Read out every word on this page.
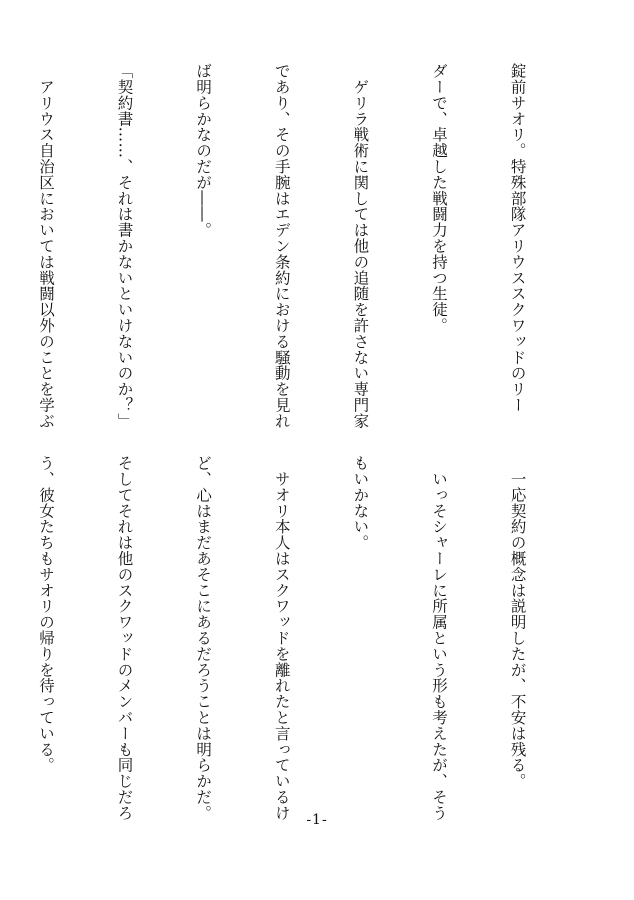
錠前サオリ。特殊部隊アリウススクワッドのリー

ダーで、卓越した戦闘力を持つ生徒。

　ゲリラ戦術に関しては他の追随を許さない専門家

であり、その手腕はエデン条約における騒動を見れ

ば明らかなのだが――。

「契約書……、それは書かないといけないのか？」

　アリウス自治区においては戦闘以外のことを学ぶ

　一応契約の概念は説明したが、不安は残る。

　いっそシャーレに所属という形も考えたが、そう

もいかない。

　サオリ本人はスクワッドを離れたと言っているけ

ど、心はまだあそこにあるだろうことは明らかだ。

そしてそれは他のスクワッドのメンバーも同じだろ

う、彼女たちもサオリの帰りを待っている。

-1-
